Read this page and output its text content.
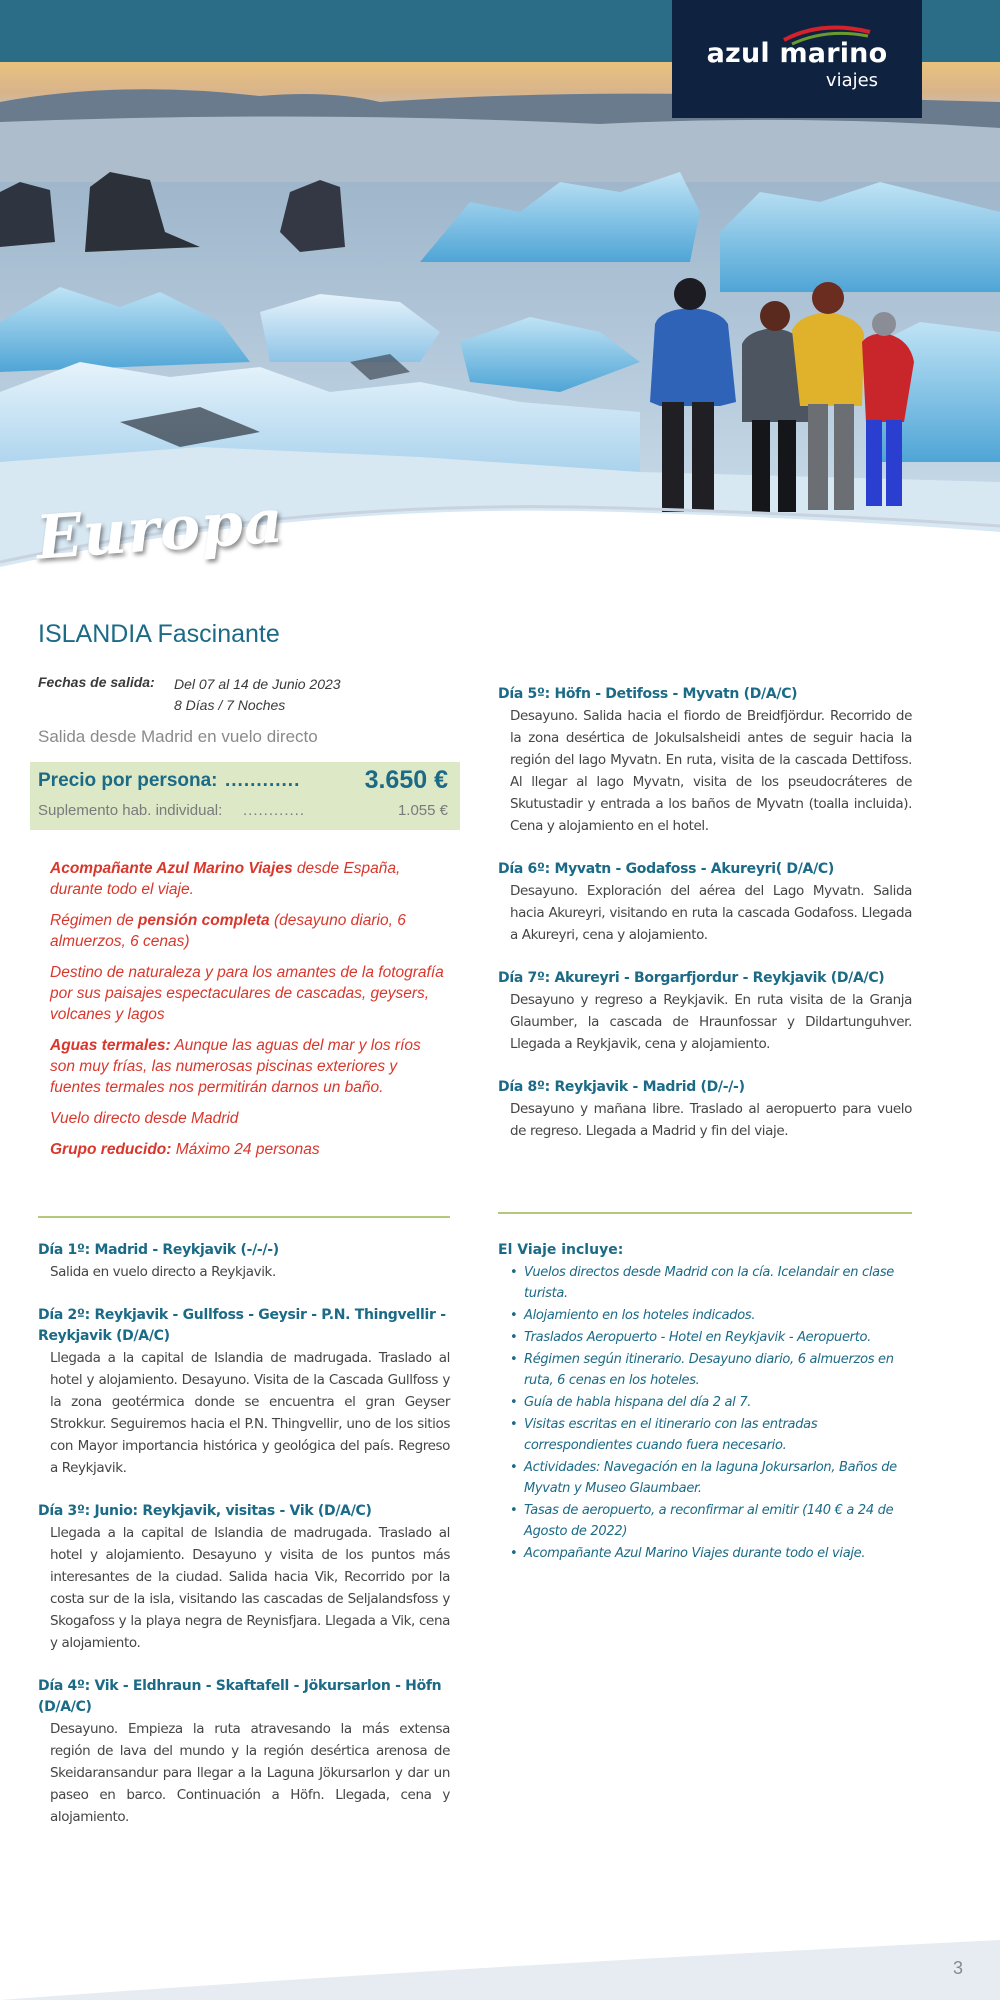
azul marino
viajes
Europa
ISLANDIA Fascinante
Fechas de salida: Del 07 al 14 de Junio 2023
8 Días / 7 Noches
Salida desde Madrid en vuelo directo
Precio por persona: ............	3.650 €
Suplemento hab. individual: ............	1.055 €

Acompañante Azul Marino Viajes desde España, durante todo el viaje.

Régimen de pensión completa (desayuno diario, 6 almuerzos, 6 cenas)

Destino de naturaleza y para los amantes de la fotografía por sus paisajes espectaculares de cascadas, geysers, volcanes y lagos

Aguas termales: Aunque las aguas del mar y los ríos son muy frías, las numerosas piscinas exteriores y fuentes termales nos permitirán darnos un baño.

Vuelo directo desde Madrid

Grupo reducido: Máximo 24 personas

Día 1º: Madrid - Reykjavik (-/-/-)
Salida en vuelo directo a Reykjavik.
Día 2º: Reykjavik - Gullfoss - Geysir - P.N. Thingvellir - Reykjavik (D/A/C)
Llegada a la capital de Islandia de madrugada. Traslado al hotel y alojamiento. Desayuno. Visita de la Cascada Gullfoss y la zona geotérmica donde se encuentra el gran Geyser Strokkur. Seguiremos hacia el P.N. Thingvellir, uno de los sitios con Mayor importancia histórica y geológica del país. Regreso a Reykjavik.
Día 3º: Junio: Reykjavik, visitas - Vik (D/A/C)
Llegada a la capital de Islandia de madrugada. Traslado al hotel y alojamiento. Desayuno y visita de los puntos más interesantes de la ciudad. Salida hacia Vik, Recorrido por la costa sur de la isla, visitando las cascadas de Seljalandsfoss y Skogafoss y la playa negra de Reynisfjara. Llegada a Vik, cena y alojamiento.
Día 4º: Vik - Eldhraun - Skaftafell - Jökursarlon - Höfn (D/A/C)
Desayuno. Empieza la ruta atravesando la más extensa región de lava del mundo y la región desértica arenosa de Skeidaransandur para llegar a la Laguna Jökursarlon y dar un paseo en barco. Continuación a Höfn. Llegada, cena y alojamiento.
Día 5º: Höfn - Detifoss - Myvatn (D/A/C)
Desayuno. Salida hacia el fiordo de Breidfjördur. Recorrido de la zona desértica de Jokulsalsheidi antes de seguir hacia la región del lago Myvatn. En ruta, visita de la cascada Dettifoss. Al llegar al lago Myvatn, visita de los pseudocráteres de Skutustadir y entrada a los baños de Myvatn (toalla incluida). Cena y alojamiento en el hotel.
Día 6º: Myvatn - Godafoss - Akureyri( D/A/C)
Desayuno. Exploración del aérea del Lago Myvatn. Salida hacia Akureyri, visitando en ruta la cascada Godafoss. Llegada a Akureyri, cena y alojamiento.
Día 7º: Akureyri - Borgarfjordur - Reykjavik (D/A/C)
Desayuno y regreso a Reykjavik. En ruta visita de la Granja Glaumber, la cascada de Hraunfossar y Dildartunguhver. Llegada a Reykjavik, cena y alojamiento.
Día 8º: Reykjavik - Madrid (D/-/-)
Desayuno y mañana libre. Traslado al aeropuerto para vuelo de regreso. Llegada a Madrid y fin del viaje.
El Viaje incluye:
• Vuelos directos desde Madrid con la cía. Icelandair en clase turista.
• Alojamiento en los hoteles indicados.
• Traslados Aeropuerto - Hotel en Reykjavik - Aeropuerto.
• Régimen según itinerario. Desayuno diario, 6 almuerzos en ruta, 6 cenas en los hoteles.
• Guía de habla hispana del día 2 al 7.
• Visitas escritas en el itinerario con las entradas correspondientes cuando fuera necesario.
• Actividades: Navegación en la laguna Jokursarlon, Baños de Myvatn y Museo Glaumbaer.
• Tasas de aeropuerto, a reconfirmar al emitir (140 € a 24 de Agosto de 2022)
• Acompañante Azul Marino Viajes durante todo el viaje.
3
